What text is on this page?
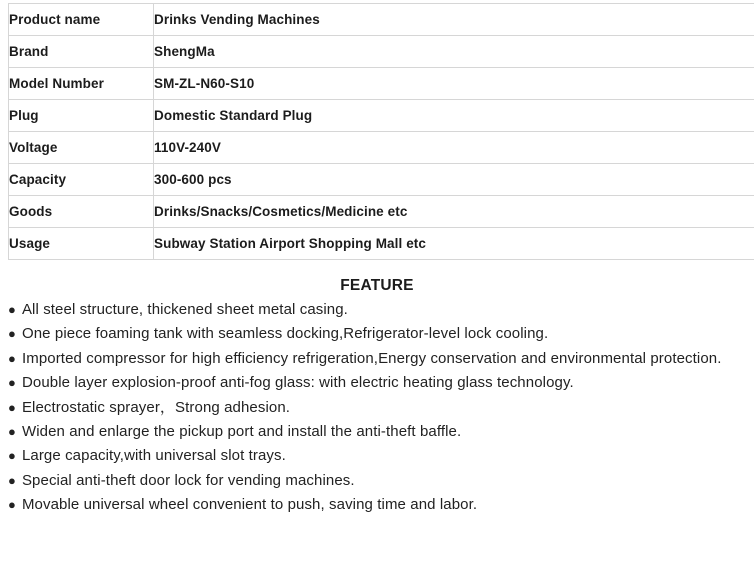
Product name	Drinks Vending Machines
Brand	ShengMa
Model Number	SM-ZL-N60-S10
Plug	Domestic Standard Plug
Voltage	110V-240V
Capacity	300-600 pcs
Goods	Drinks/Snacks/Cosmetics/Medicine etc
Usage	Subway Station Airport Shopping Mall etc
FEATURE

● All steel structure, thickened sheet metal casing.

● One piece foaming tank with seamless docking,Refrigerator-level lock cooling.

● Imported compressor for high efficiency refrigeration,Energy conservation and environmental protection.

● Double layer explosion-proof anti-fog glass: with electric heating glass technology.

● Electrostatic sprayer，Strong adhesion.

● Widen and enlarge the pickup port and install the anti-theft baffle.

● Large capacity,with universal slot trays.

● Special anti-theft door lock for vending machines.

● Movable universal wheel convenient to push, saving time and labor.
